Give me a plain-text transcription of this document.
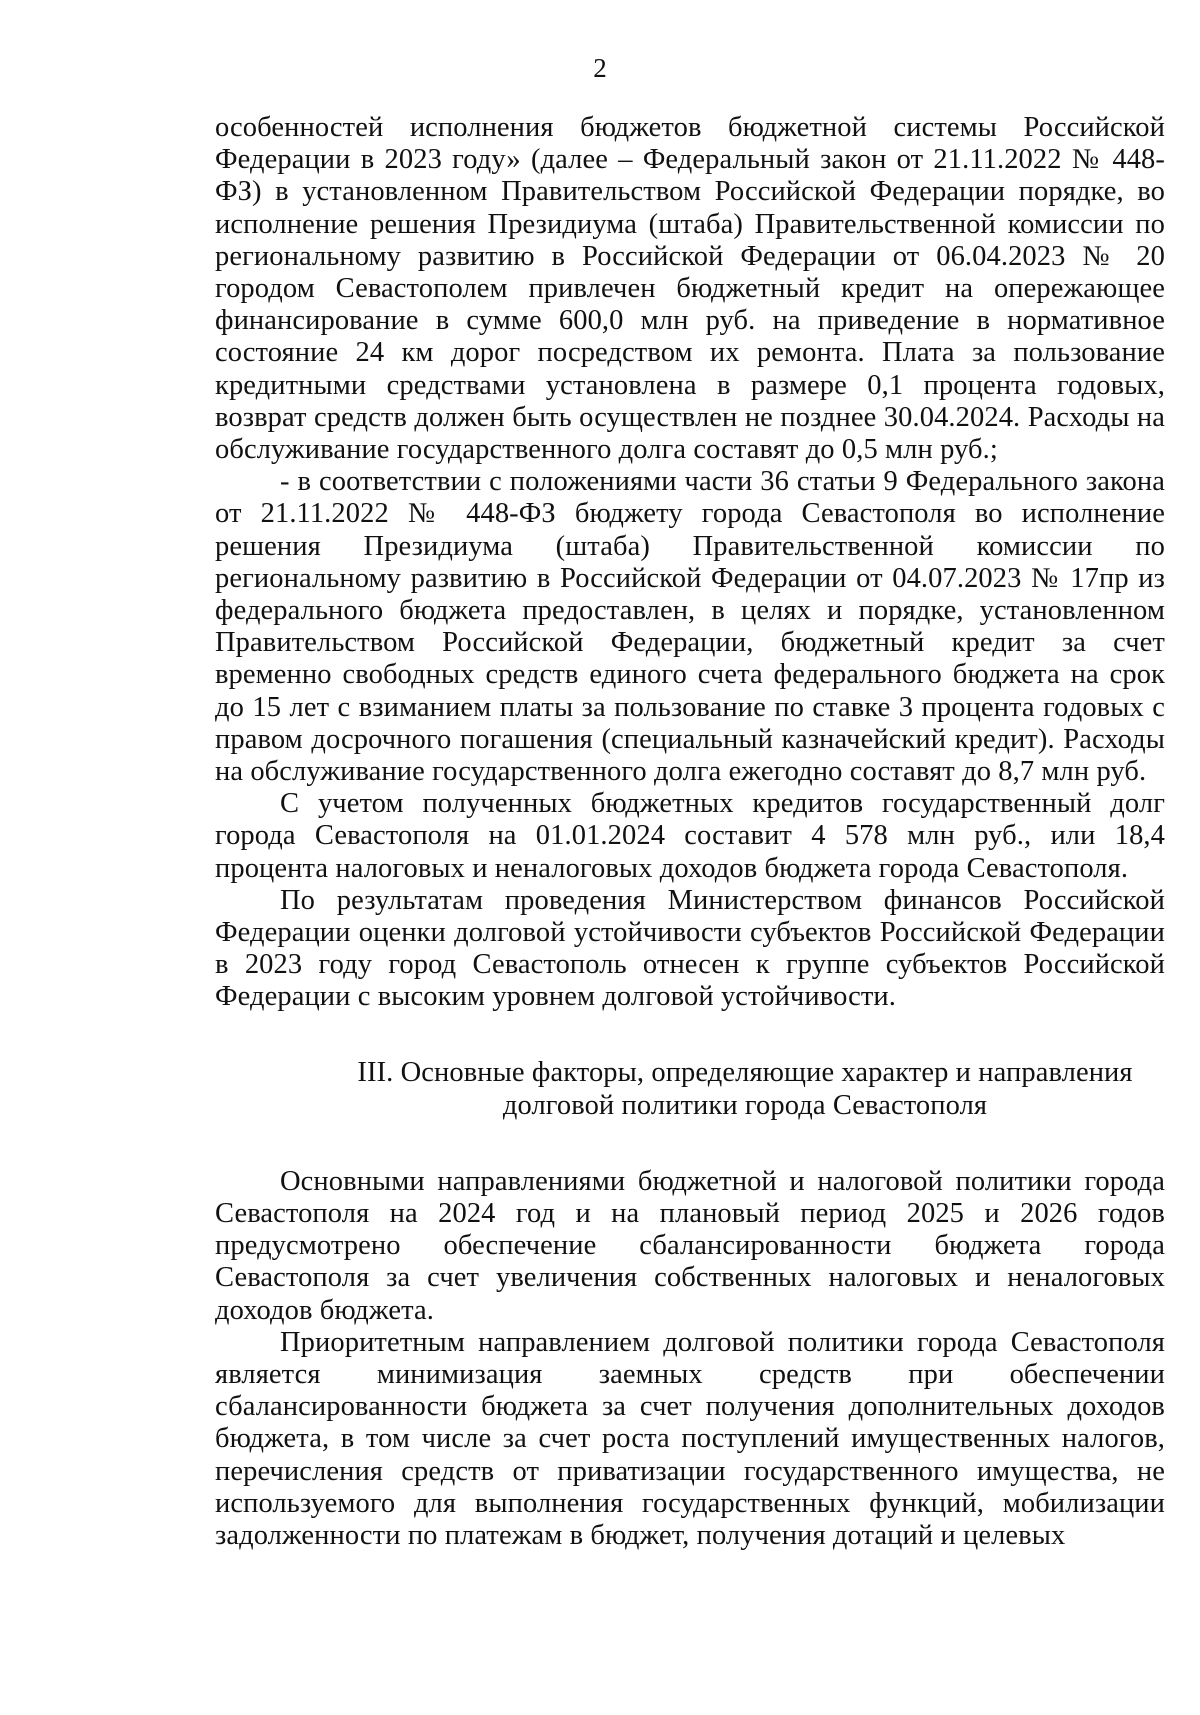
2

особенностей исполнения бюджетов бюджетной системы Российской Федерации в 2023 году» (далее – Федеральный закон от 21.11.2022 № 448-ФЗ) в установленном Правительством Российской Федерации порядке, во исполнение решения Президиума (штаба) Правительственной комиссии по региональному развитию в Российской Федерации от 06.04.2023 № 20 городом Севастополем привлечен бюджетный кредит на опережающее финансирование в сумме 600,0 млн руб. на приведение в нормативное состояние 24 км дорог посредством их ремонта. Плата за пользование кредитными средствами установлена в размере 0,1 процента годовых, возврат средств должен быть осуществлен не позднее 30.04.2024. Расходы на обслуживание государственного долга составят до 0,5 млн руб.;

- в соответствии с положениями части 36 статьи 9 Федерального закона от 21.11.2022 № 448-ФЗ бюджету города Севастополя во исполнение решения Президиума (штаба) Правительственной комиссии по региональному развитию в Российской Федерации от 04.07.2023 № 17пр из федерального бюджета предоставлен, в целях и порядке, установленном Правительством Российской Федерации, бюджетный кредит за счет временно свободных средств единого счета федерального бюджета на срок до 15 лет с взиманием платы за пользование по ставке 3 процента годовых с правом досрочного погашения (специальный казначейский кредит). Расходы на обслуживание государственного долга ежегодно составят до 8,7 млн руб.

С учетом полученных бюджетных кредитов государственный долг города Севастополя на 01.01.2024 составит 4 578 млн руб., или 18,4 процента налоговых и неналоговых доходов бюджета города Севастополя.

По результатам проведения Министерством финансов Российской Федерации оценки долговой устойчивости субъектов Российской Федерации в 2023 году город Севастополь отнесен к группе субъектов Российской Федерации с высоким уровнем долговой устойчивости.

III. Основные факторы, определяющие характер и направления
долговой политики города Севастополя

Основными направлениями бюджетной и налоговой политики города Севастополя на 2024 год и на плановый период 2025 и 2026 годов предусмотрено обеспечение сбалансированности бюджета города Севастополя за счет увеличения собственных налоговых и неналоговых доходов бюджета.

Приоритетным направлением долговой политики города Севастополя является минимизация заемных средств при обеспечении сбалансированности бюджета за счет получения дополнительных доходов бюджета, в том числе за счет роста поступлений имущественных налогов, перечисления средств от приватизации государственного имущества, не используемого для выполнения государственных функций, мобилизации задолженности по платежам в бюджет, получения дотаций и целевых
